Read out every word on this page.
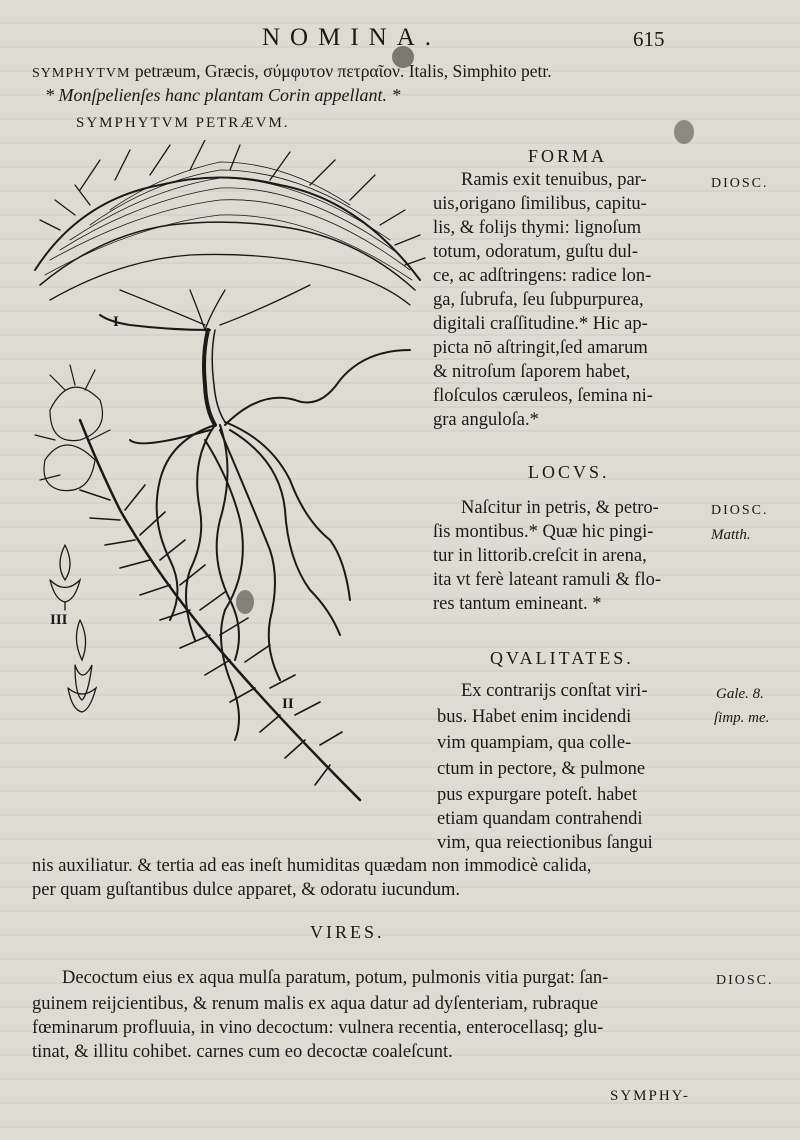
NOMINA.	615
SYMPHYTVM petræum, Græcis, σύμφυτον πετραῖον. Italis, Simphito petr.
* Monſpelienſes hanc plantam Corin appellant. *
SYMPHYTVM PETRÆVM.
I
II
III
FORMA
Ramis exit tenuibus, par-
uis,origano ſimilibus, capitu-
lis, & folijs thymi: lignoſum
totum, odoratum, guſtu dul-
ce, ac adſtringens: radice lon-
ga, ſubrufa, ſeu ſubpurpurea,
digitali craſſitudine.* Hic ap-
picta nō aſtringit,ſed amarum
& nitroſum ſaporem habet,
floſculos cæruleos, ſemina ni-
gra anguloſa.*
DIOSC.
LOCVS.
Naſcitur in petris, & petro-
ſis montibus.* Quæ hic pingi-
tur in littorib.creſcit in arena,
ita vt ferè lateant ramuli & flo-
res tantum emineant. *
DIOSC.
Matth.
QVALITATES.
Ex contrarijs conſtat viri-
bus. Habet enim incidendi
vim quampiam, qua colle-
ctum in pectore, & pulmone
pus expurgare poteſt. habet
etiam quandam contrahendi
vim, qua reiectionibus ſangui
nis auxiliatur. & tertia ad eas ineſt humiditas quædam non immodicè calida,
per quam guſtantibus dulce apparet, & odoratu iucundum.
Gale. 8.
ſimp. me.
VIRES.
Decoctum eius ex aqua mulſa paratum, potum, pulmonis vitia purgat: ſan-
guinem reijcientibus, & renum malis ex aqua datur ad dyſenteriam, rubraque
fœminarum profluuia, in vino decoctum: vulnera recentia, enterocellasq; glu-
tinat, & illitu cohibet. carnes cum eo decoctæ coaleſcunt.
DIOSC.
SYMPHY-
